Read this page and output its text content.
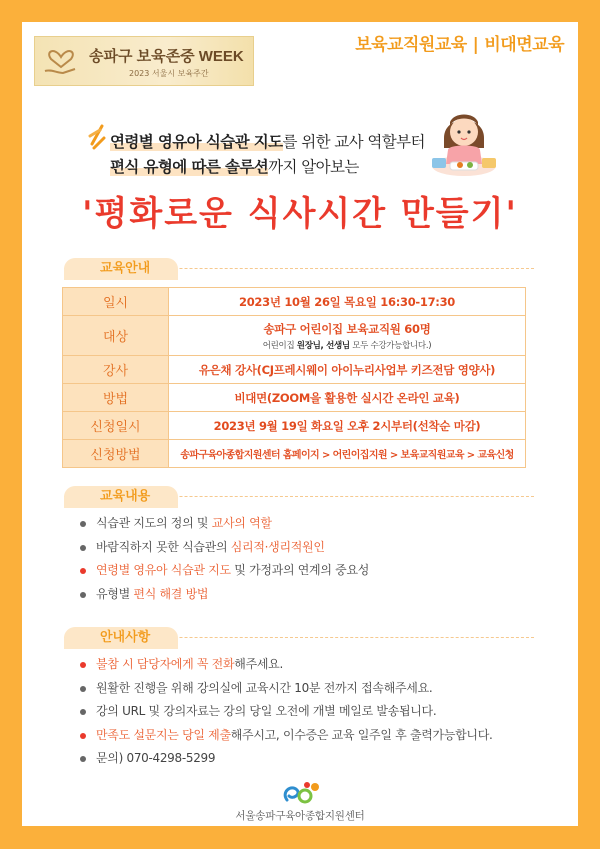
송파구 보육존중 WEEK
2023 서울시 보육주간
보육교직원교육 | 비대면교육
연령별 영유아 식습관 지도를 위한 교사 역할부터
편식 유형에 따른 솔루션까지 알아보는
'평화로운 식사시간 만들기'
교육안내
일시	2023년 10월 26일 목요일 16:30-17:30
대상	송파구 어린이집 보육교직원 60명
어린이집 원장님, 선생님 모두 수강가능합니다.)

강사	유은채 강사(CJ프레시웨이 아이누리사업부 키즈전담 영양사)
방법	비대면(ZOOM을 활용한 실시간 온라인 교육)
신청일시	2023년 9월 19일 화요일 오후 2시부터(선착순 마감)
신청방법	송파구육아종합지원센터 홈페이지 > 어린이집지원 > 보육교직원교육 > 교육신청
교육내용
식습관 지도의 정의 및 교사의 역할
바람직하지 못한 식습관의 심리적·생리적원인
연령별 영유아 식습관 지도 및 가정과의 연계의 중요성
유형별 편식 해결 방법
안내사항
불참 시 담당자에게 꼭 전화해주세요.
원활한 진행을 위해 강의실에 교육시간 10분 전까지 접속해주세요.
강의 URL 및 강의자료는 강의 당일 오전에 개별 메일로 발송됩니다.
만족도 설문지는 당일 제출해주시고, 이수증은 교육 일주일 후 출력가능합니다.
문의) 070-4298-5299
서울송파구육아종합지원센터
